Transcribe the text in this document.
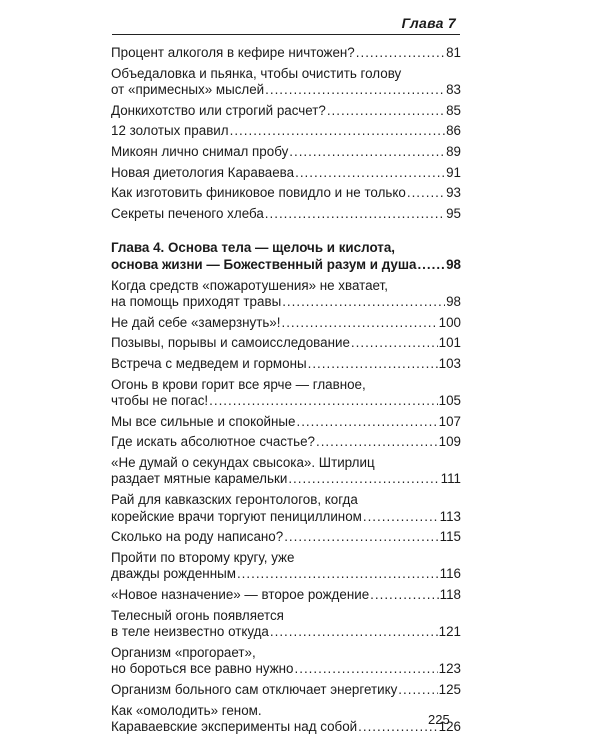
Глава 7
Процент алкоголя в кефире ничтожен? .....	81
Объедаловка и пьянка, чтобы очистить голову
от «примесных» мыслей .....	83
Донкихотство или строгий расчет? .....	85
12 золотых правил .....	86
Микоян лично снимал пробу .....	89
Новая диетология Караваева .....	91
Как изготовить финиковое повидло и не только .....	93
Секреты печеного хлеба .....	95
Глава 4. Основа тела — щелочь и кислота,
основа жизни — Божественный разум и душа ..... 98
Когда средств «пожаротушения» не хватает,
на помощь приходят травы .....	98
Не дай себе «замерзнуть»! .....	100
Позывы, порывы и самоисследование .....	101
Встреча с медведем и гормоны .....	103
Огонь в крови горит все ярче — главное,
чтобы не погас! .....	105
Мы все сильные и спокойные .....	107
Где искать абсолютное счастье? .....	109
«Не думай о секундах свысока». Штирлиц
раздает мятные карамельки .....	111
Рай для кавказских геронтологов, когда
корейские врачи торгуют пенициллином .....	113
Сколько на роду написано? .....	115
Пройти по второму кругу, уже
дважды рожденным .....	116
«Новое назначение» — второе рождение .....	118
Телесный огонь появляется
в теле неизвестно откуда .....	121
Организм «прогорает»,
но бороться все равно нужно .....	123
Организм больного сам отключает энергетику .....	125
Как «омолодить» геном.
Караваевские эксперименты над собой .....	126
225
